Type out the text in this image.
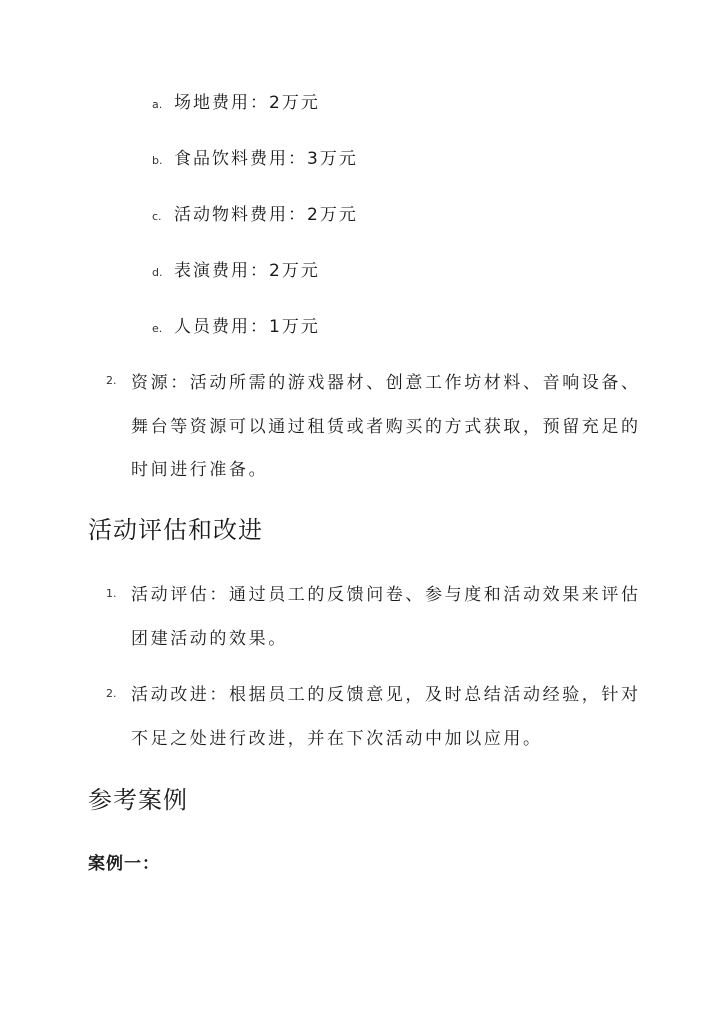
a. 场地费用：2万元
b. 食品饮料费用：3万元
c. 活动物料费用：2万元
d. 表演费用：2万元
e. 人员费用：1万元
2. 资源：活动所需的游戏器材、创意工作坊材料、音响设备、
舞台等资源可以通过租赁或者购买的方式获取，预留充足的
时间进行准备。
活动评估和改进
1. 活动评估：通过员工的反馈问卷、参与度和活动效果来评估
团建活动的效果。
2. 活动改进：根据员工的反馈意见，及时总结活动经验，针对
不足之处进行改进，并在下次活动中加以应用。
参考案例
案例一：
